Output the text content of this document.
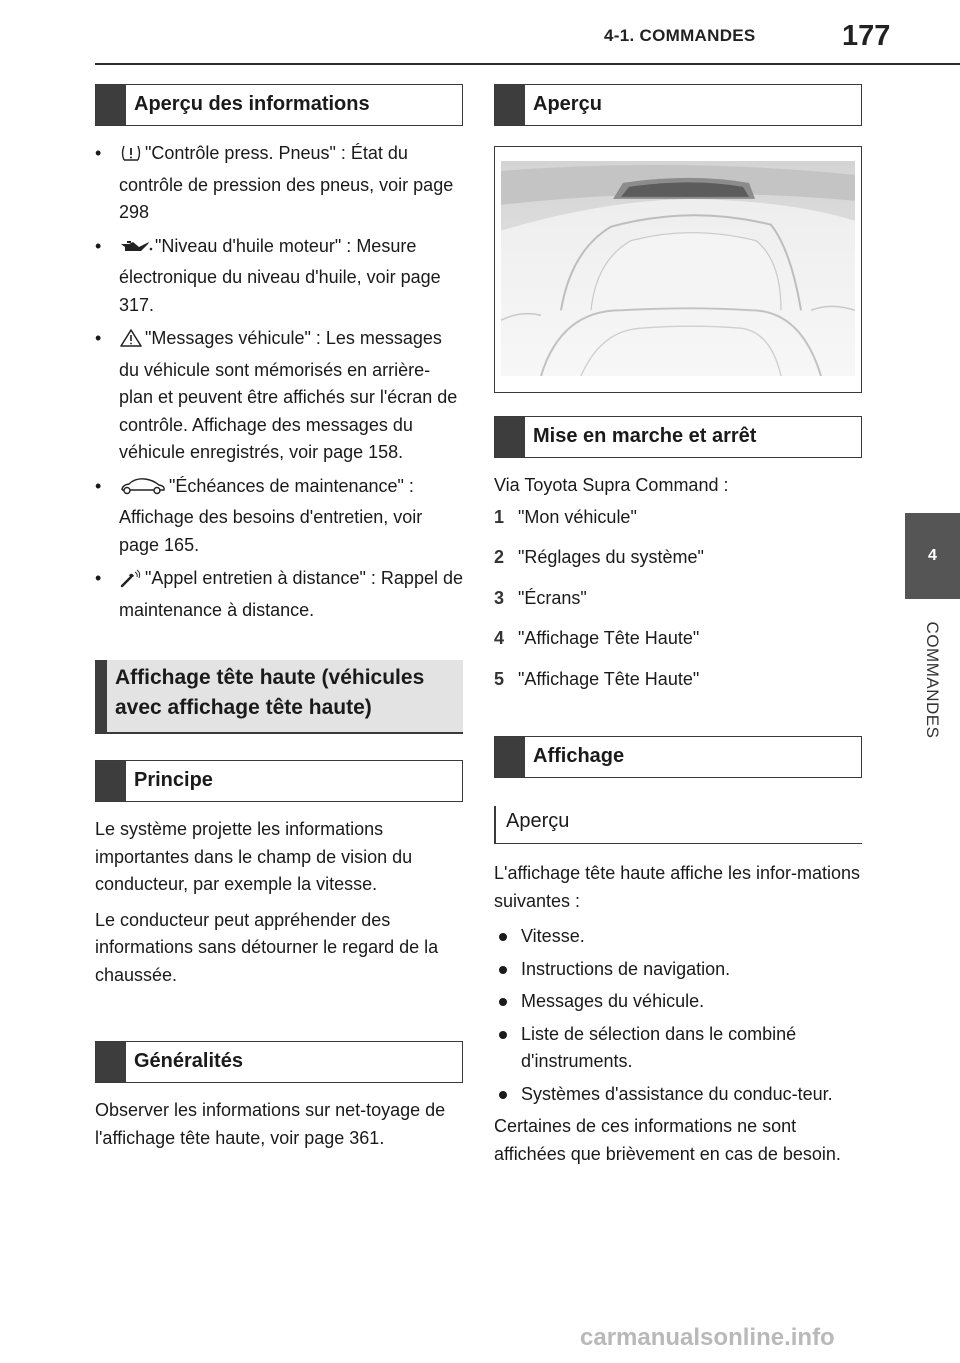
4-1. COMMANDES	177
4
COMMANDES
Aperçu des informations
• "Contrôle press. Pneus" : État du contrôle de pression des pneus, voir page 298
•	"Niveau d'huile moteur" : Mesure électronique du niveau d'huile, voir page 317.
• "Messages véhicule" : Les messages du véhicule sont mémorisés en arrière-plan et peuvent être affichés sur l'écran de contrôle. Affichage des messages du véhicule enregistrés, voir page 158.
•	"Échéances de maintenance" : Affichage des besoins d'entretien, voir page 165.
• "Appel entretien à distance" : Rappel de maintenance à distance.
Affichage tête haute (véhicules avec affichage tête haute)
Principe

Le système projette les informations importantes dans le champ de vision du conducteur, par exemple la vitesse.

Le conducteur peut appréhender des informations sans détourner le regard de la chaussée.

Généralités

Observer les informations sur net-toyage de l'affichage tête haute, voir page 361.

Aperçu
Mise en marche et arrêt

Via Toyota Supra Command :

1 "Mon véhicule"
2 "Réglages du système"
3 "Écrans"
4 "Affichage Tête Haute"
5 "Affichage Tête Haute"
Affichage
Aperçu

L'affichage tête haute affiche les infor-mations suivantes :

Vitesse.
Instructions de navigation.
Messages du véhicule.
Liste de sélection dans le combiné d'instruments.
Systèmes d'assistance du conduc-teur.

Certaines de ces informations ne sont affichées que brièvement en cas de besoin.

carmanualsonline.info
